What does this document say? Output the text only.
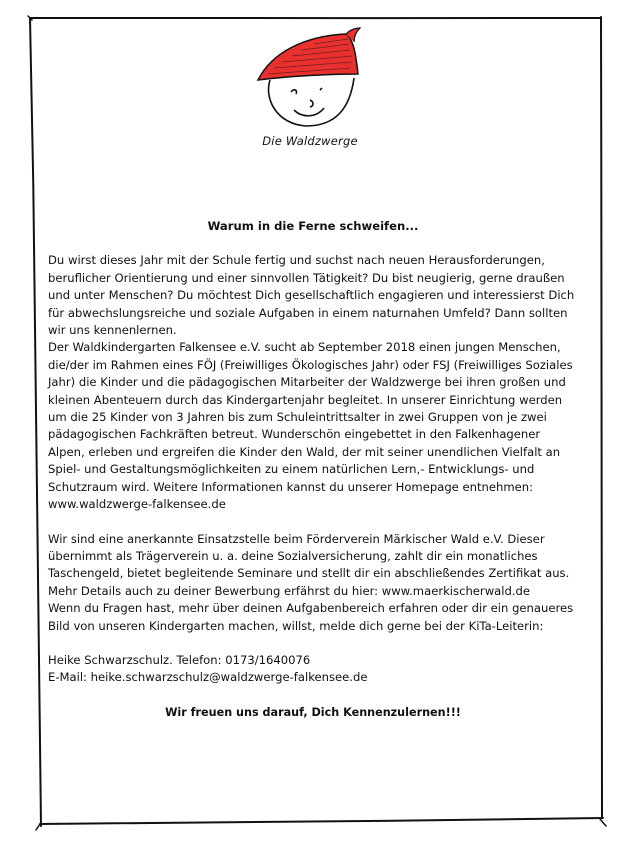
Die Waldzwerge

Warum in die Ferne schweifen...

Du wirst dieses Jahr mit der Schule fertig und suchst nach neuen Herausforderungen, beruflicher Orientierung und einer sinnvollen Tätigkeit? Du bist neugierig, gerne draußen und unter Menschen? Du möchtest Dich gesellschaftlich engagieren und interessierst Dich für abwechslungsreiche und soziale Aufgaben in einem naturnahen Umfeld? Dann sollten wir uns kennenlernen.

Der Waldkindergarten Falkensee e.V. sucht ab September 2018 einen jungen Menschen, die/der im Rahmen eines FÖJ (Freiwilliges Ökologisches Jahr) oder FSJ (Freiwilliges Soziales Jahr) die Kinder und die pädagogischen Mitarbeiter der Waldzwerge bei ihren großen und kleinen Abenteuern durch das Kindergartenjahr begleitet. In unserer Einrichtung werden um die 25 Kinder von 3 Jahren bis zum Schuleintrittsalter in zwei Gruppen von je zwei pädagogischen Fachkräften betreut. Wunderschön eingebettet in den Falkenhagener Alpen, erleben und ergreifen die Kinder den Wald, der mit seiner unendlichen Vielfalt an Spiel- und Gestaltungsmöglichkeiten zu einem natürlichen Lern,- Entwicklungs- und Schutzraum wird. Weitere Informationen kannst du unserer Homepage entnehmen:

www.waldzwerge-falkensee.de

Wir sind eine anerkannte Einsatzstelle beim Förderverein Märkischer Wald e.V. Dieser übernimmt als Trägerverein u. a. deine Sozialversicherung, zahlt dir ein monatliches Taschengeld, bietet begleitende Seminare und stellt dir ein abschließendes Zertifikat aus. Mehr Details auch zu deiner Bewerbung erfährst du hier: www.maerkischerwald.de

Wenn du Fragen hast, mehr über deinen Aufgabenbereich erfahren oder dir ein genaueres Bild von unseren Kindergarten machen, willst, melde dich gerne bei der KiTa-Leiterin:

Heike Schwarzschulz. Telefon: 0173/1640076

E-Mail: heike.schwarzschulz@waldzwerge-falkensee.de

Wir freuen uns darauf, Dich Kennenzulernen!!!
